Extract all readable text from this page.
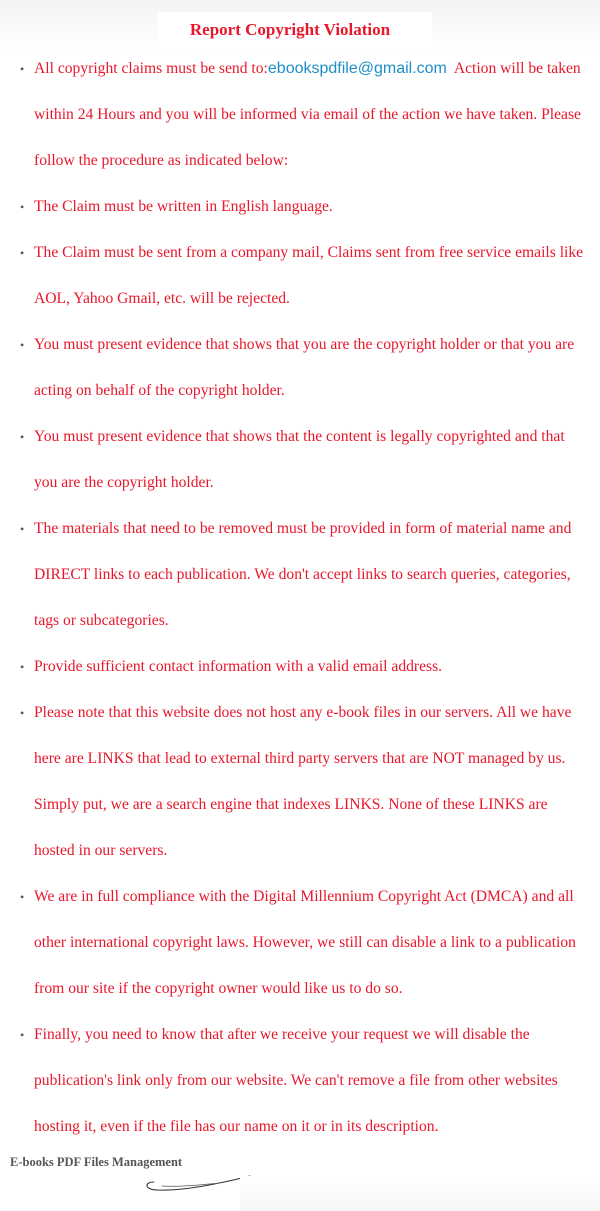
Report Copyright Violation
• All copyright claims must be send to:ebookspdfile@gmail.com Action will be taken within 24 Hours and you will be informed via email of the action we have taken. Please follow the procedure as indicated below:
• The Claim must be written in English language.
• The Claim must be sent from a company mail, Claims sent from free service emails like AOL, Yahoo Gmail, etc. will be rejected.
• You must present evidence that shows that you are the copyright holder or that you are acting on behalf of the copyright holder.
• You must present evidence that shows that the content is legally copyrighted and that you are the copyright holder.
• The materials that need to be removed must be provided in form of material name and DIRECT links to each publication. We don't accept links to search queries, categories, tags or subcategories.
• Provide sufficient contact information with a valid email address.
• Please note that this website does not host any e-book files in our servers. All we have here are LINKS that lead to external third party servers that are NOT managed by us. Simply put, we are a search engine that indexes LINKS. None of these LINKS are hosted in our servers.
• We are in full compliance with the Digital Millennium Copyright Act (DMCA) and all other international copyright laws. However, we still can disable a link to a publication from our site if the copyright owner would like us to do so.
• Finally, you need to know that after we receive your request we will disable the publication's link only from our website. We can't remove a file from other websites hosting it, even if the file has our name on it or in its description.
E-books PDF Files Management
